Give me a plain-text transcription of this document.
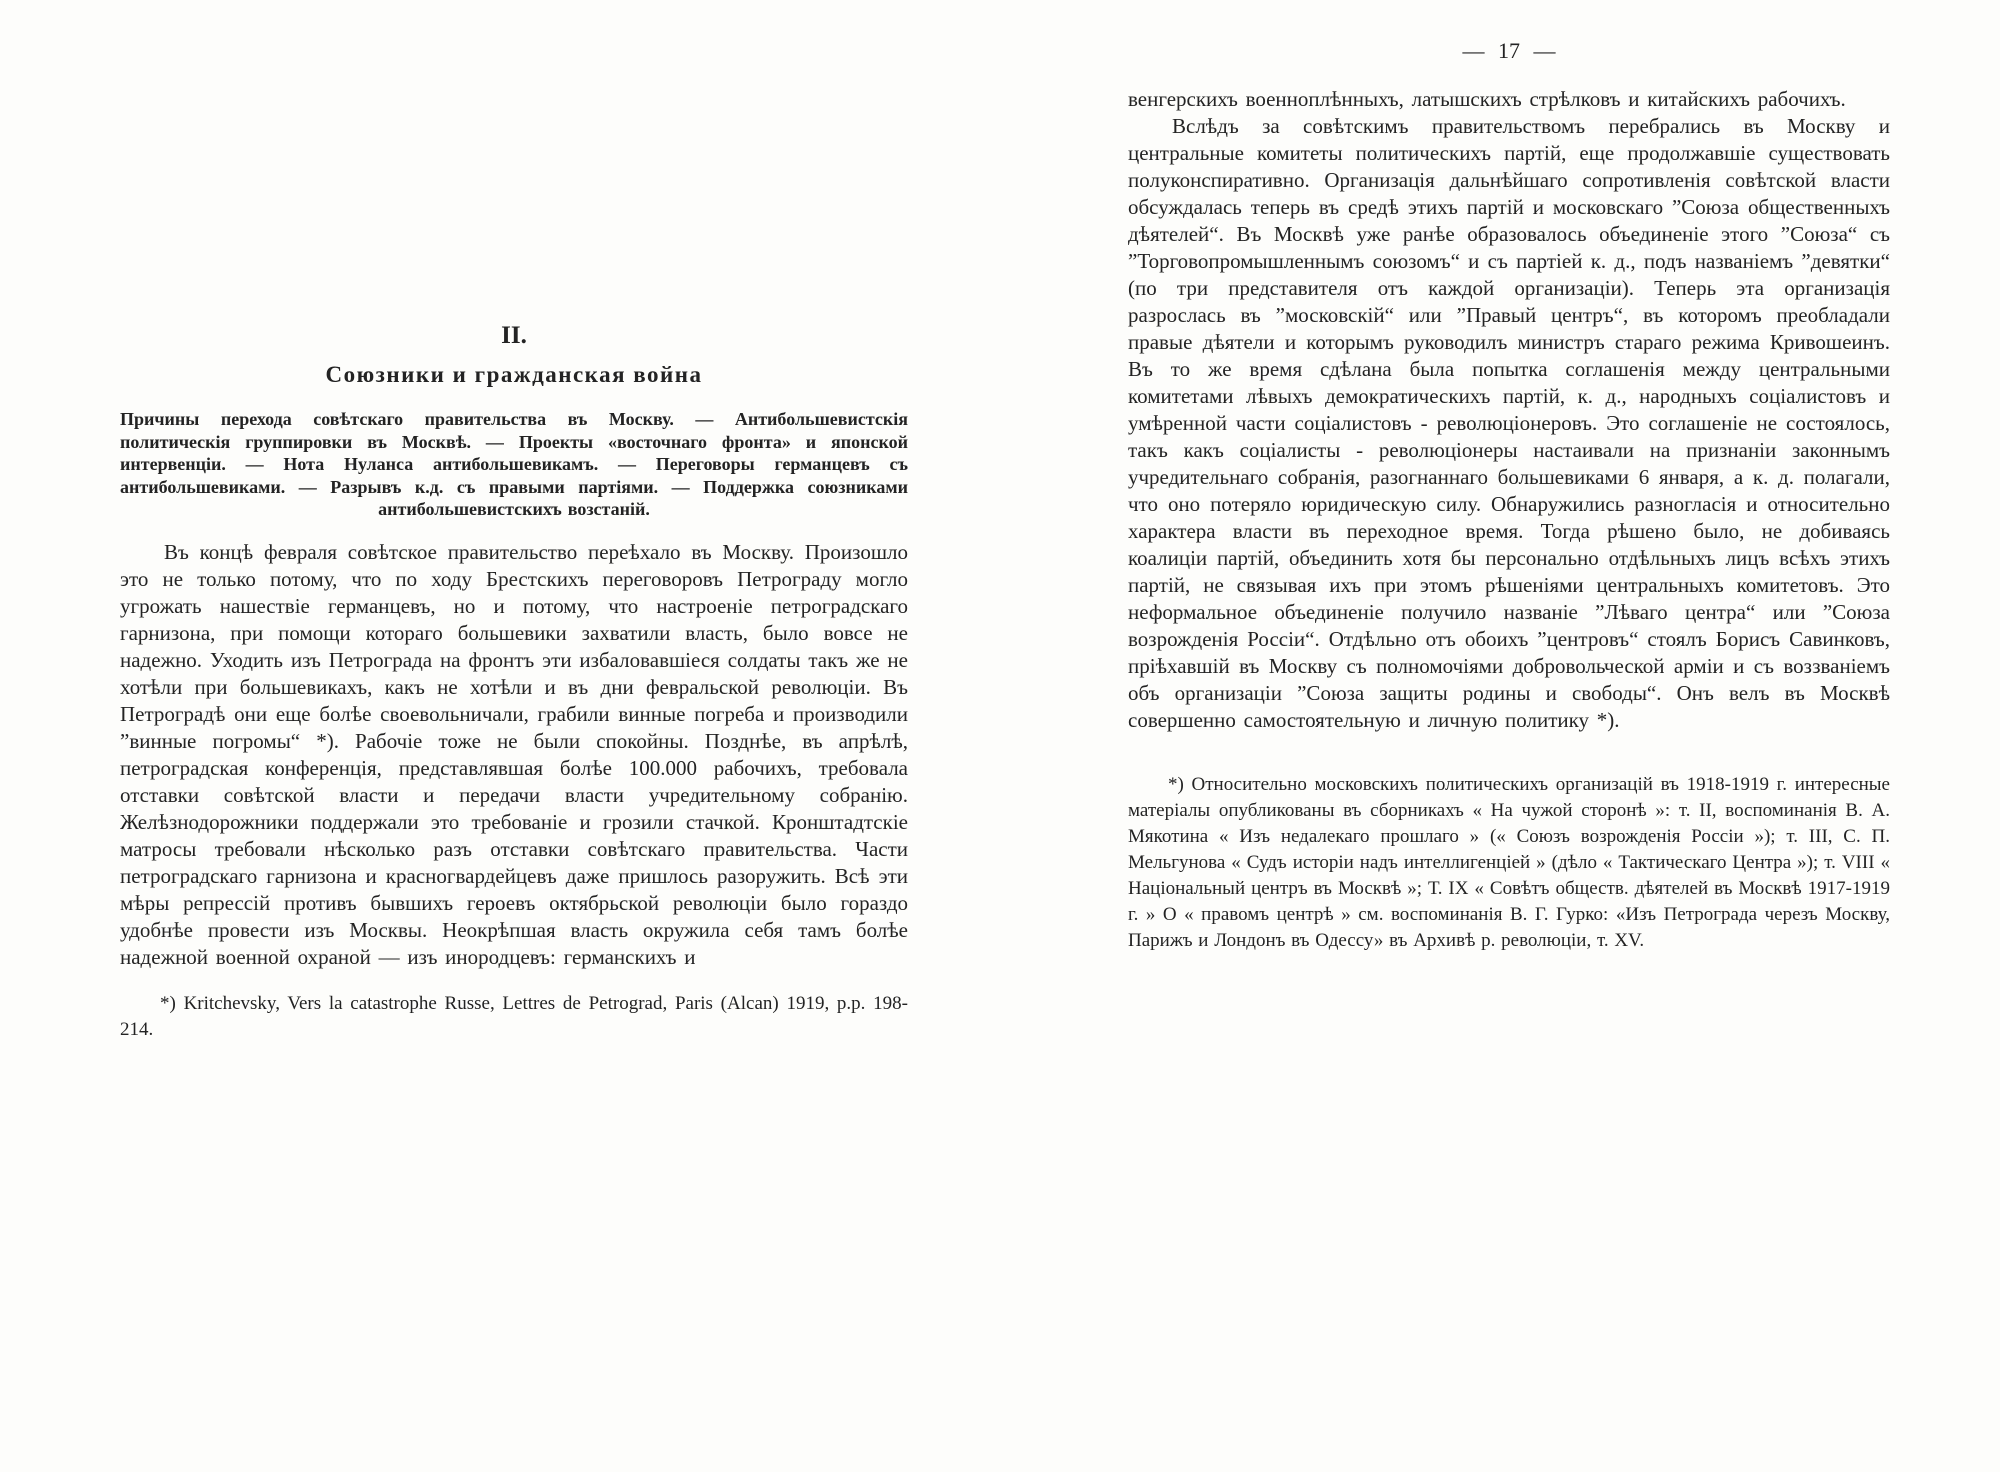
II.
Союзники и гражданская война

Причины перехода совѣтскаго правительства въ Москву. — Антибольшевистскія политическія группировки въ Москвѣ. — Проекты «восточнаго фронта» и японской интервенціи. — Нота Нуланса антибольшевикамъ. — Переговоры германцевъ съ антибольшевиками. — Разрывъ к.д. съ правыми партіями. — Поддержка союзниками антибольшевистскихъ возстаній.

Въ концѣ февраля совѣтское правительство переѣхало въ Москву. Произошло это не только потому, что по ходу Брестскихъ переговоровъ Петрограду могло угрожать нашествіе германцевъ, но и потому, что настроеніе петроградскаго гарнизона, при помощи котораго большевики захватили власть, было вовсе не надежно. Уходить изъ Петрограда на фронтъ эти избаловавшіеся солдаты такъ же не хотѣли при большевикахъ, какъ не хотѣли и въ дни февральской революціи. Въ Петроградѣ они еще болѣе своевольничали, грабили винные погреба и производили ”винные погромы“ *). Рабочіе тоже не были спокойны. Позднѣе, въ апрѣлѣ, петроградская конференція, представлявшая болѣе 100.000 рабочихъ, требовала отставки совѣтской власти и передачи власти учредительному собранію. Желѣзнодорожники поддержали это требованіе и грозили стачкой. Кронштадтскіе матросы требовали нѣсколько разъ отставки совѣтскаго правительства. Части петроградскаго гарнизона и красногвардейцевъ даже пришлось разоружить. Всѣ эти мѣры репрессій противъ бывшихъ героевъ октябрьской революціи было гораздо удобнѣе провести изъ Москвы. Неокрѣпшая власть окружила себя тамъ болѣе надежной военной охраной — изъ инородцевъ: германскихъ и

*) Kritchevsky, Vers la catastrophe Russe, Lettres de Petrograd, Paris (Alcan) 1919, p.p. 198-214.

— 17 —

венгерскихъ военноплѣнныхъ, латышскихъ стрѣлковъ и китайскихъ рабочихъ.

Вслѣдъ за совѣтскимъ правительствомъ перебрались въ Москву и центральные комитеты политическихъ партій, еще продолжавшіе существовать полуконспиративно. Организація дальнѣйшаго сопротивленія совѣтской власти обсуждалась теперь въ средѣ этихъ партій и московскаго ”Союза общественныхъ дѣятелей“. Въ Москвѣ уже ранѣе образовалось объединеніе этого ”Союза“ съ ”Торговопромышленнымъ союзомъ“ и съ партіей к. д., подъ названіемъ ”девятки“ (по три представителя отъ каждой организаціи). Теперь эта организація разрослась въ ”московскій“ или ”Правый центръ“, въ которомъ преобладали правые дѣятели и которымъ руководилъ министръ стараго режима Кривошеинъ. Въ то же время сдѣлана была попытка соглашенія между центральными комитетами лѣвыхъ демократическихъ партій, к. д., народныхъ соціалистовъ и умѣренной части соціалистовъ - революціонеровъ. Это соглашеніе не состоялось, такъ какъ соціалисты - революціонеры настаивали на признаніи законнымъ учредительнаго собранія, разогнаннаго большевиками 6 января, а к. д. полагали, что оно потеряло юридическую силу. Обнаружились разногласія и относительно характера власти въ переходное время. Тогда рѣшено было, не добиваясь коалиціи партій, объединить хотя бы персонально отдѣльныхъ лицъ всѣхъ этихъ партій, не связывая ихъ при этомъ рѣшеніями центральныхъ комитетовъ. Это неформальное объединеніе получило названіе ”Лѣваго центра“ или ”Союза возрожденія Россіи“. Отдѣльно отъ обоихъ ”центровъ“ стоялъ Борисъ Савинковъ, пріѣхавшій въ Москву съ полномочіями добровольческой арміи и съ воззваніемъ объ организаціи ”Союза защиты родины и свободы“. Онъ велъ въ Москвѣ совершенно самостоятельную и личную политику *).

*) Относительно московскихъ политическихъ организацій въ 1918-1919 г. интересные матеріалы опубликованы въ сборникахъ « На чужой сторонѣ »: т. II, воспоминанія В. А. Мякотина « Изъ недалекаго прошлаго » (« Союзъ возрожденія Россіи »); т. III, С. П. Мельгунова « Судъ исторіи надъ интеллигенціей » (дѣло « Тактическаго Центра »); т. VIII « Національный центръ въ Москвѣ »; Т. IX « Совѣтъ обществ. дѣятелей въ Москвѣ 1917-1919 г. » О « правомъ центрѣ » см. воспоминанія В. Г. Гурко: «Изъ Петрограда черезъ Москву, Парижъ и Лондонъ въ Одессу» въ Архивѣ р. революціи, т. XV.
